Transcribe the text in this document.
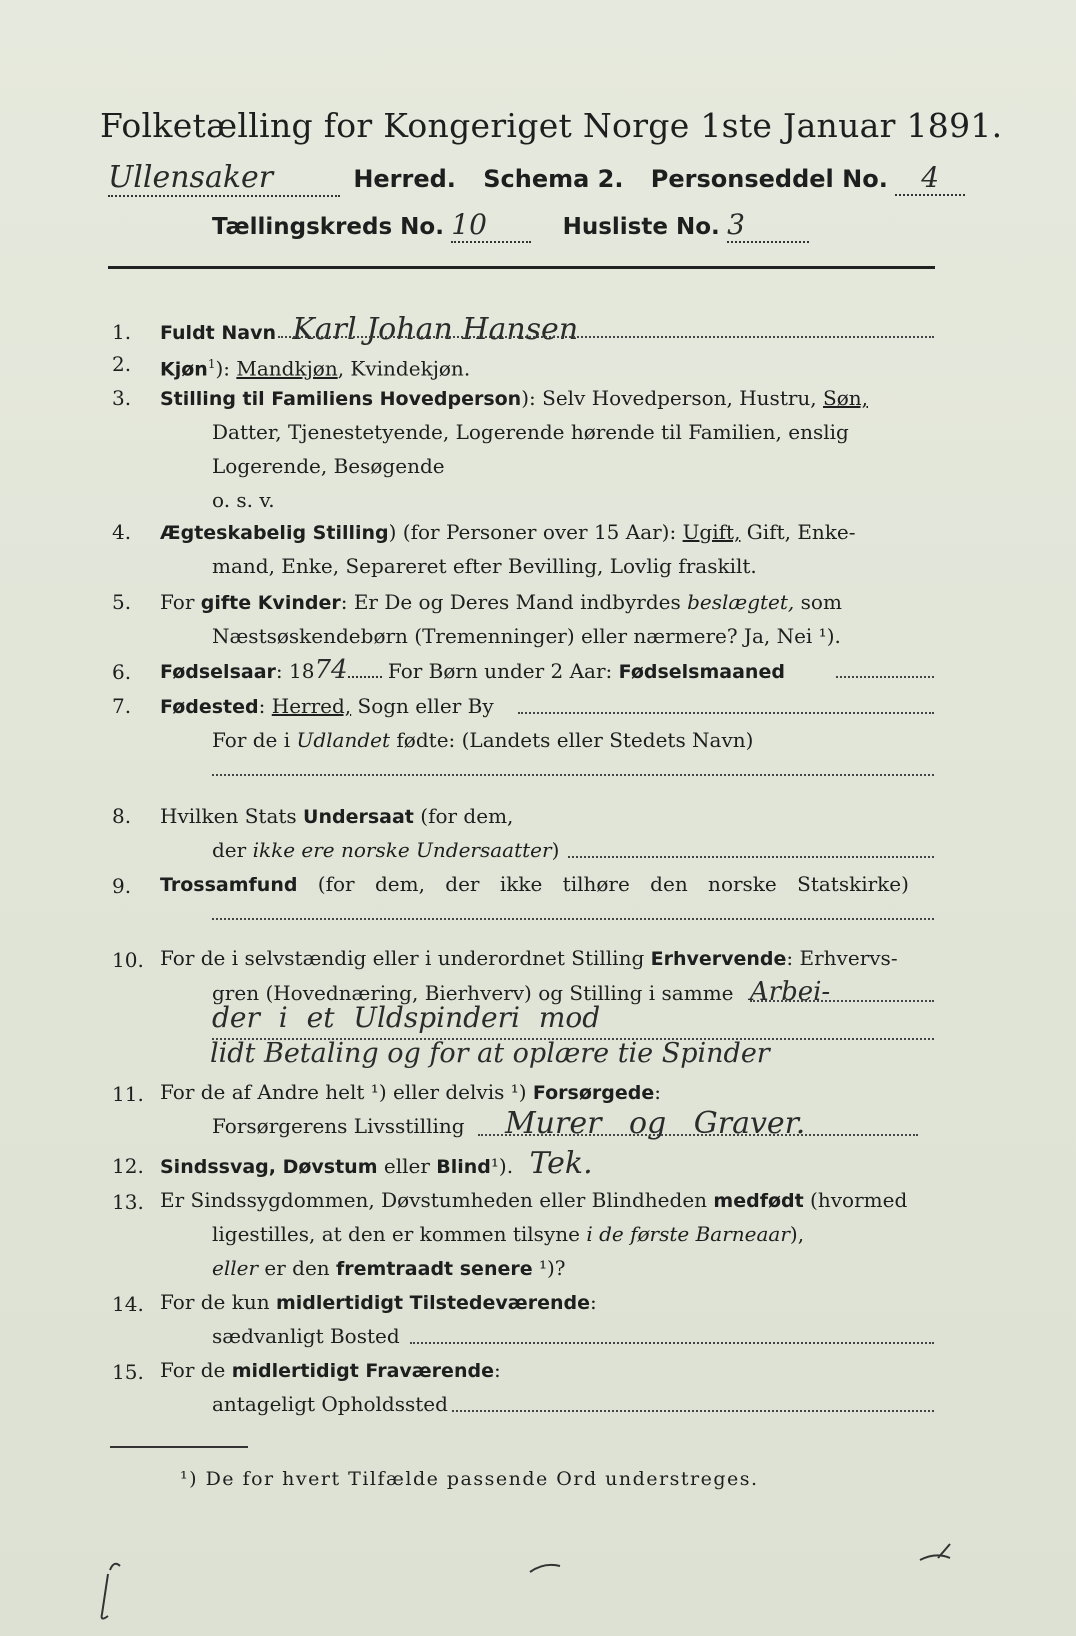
Folketælling for Kongeriget Norge 1ste Januar 1891.
Ullensaker	Herred. Schema 2. Personseddel No. 4
Tællingskreds No. 10	Husliste No. 3
1.	Fuldt Navn Karl Johan Hansen
2.	Kjøn$^1$): Mandkjøn, Kvindekjøn.
3.	Stilling til Familiens Hovedperson): Selv Hovedperson, Hustru, Søn,
Datter, Tjenestetyende, Logerende hørende til Familien, enslig
Logerende, Besøgende
o. s. v.
4.	Ægteskabelig Stilling) (for Personer over 15 Aar): Ugift, Gift, Enke-
mand, Enke, Separeret efter Bevilling, Lovlig fraskilt.
5.	For gifte Kvinder: Er De og Deres Mand indbyrdes beslægtet, som
Næstsøskendebørn (Tremenninger) eller nærmere? Ja, Nei ¹).
6.	Fødselsaar: 1874 For Børn under 2 Aar: Fødselsmaaned
7.	Fødested: Herred, Sogn eller By
For de i Udlandet fødte: (Landets eller Stedets Navn)
8.	Hvilken Stats Undersaat (for dem,
der ikke ere norske Undersaatter)
9.	Trossamfund (for dem, der ikke tilhøre den norske Statskirke)
10. For de i selvstændig eller i underordnet Stilling Erhvervende: Erhvervs-
gren (Hovednæring, Bierhverv) og Stilling i samme Arbei-
der i et Uldspinderi mod
lidt Betaling og for at oplære tie Spinder
11. For de af Andre helt ¹) eller delvis ¹) Forsørgede:
Forsørgerens Livsstilling Murer og Graver.
12. Sindssvag, Døvstum eller Blind¹). Tek.
13. Er Sindssygdommen, Døvstumheden eller Blindheden medfødt (hvormed
ligestilles, at den er kommen tilsyne i de første Barneaar),
eller er den fremtraadt senere ¹)?
14. For de kun midlertidigt Tilstedeværende:
sædvanligt Bosted
15. For de midlertidigt Fraværende:
antageligt Opholdssted
¹) De for hvert Tilfælde passende Ord understreges.
